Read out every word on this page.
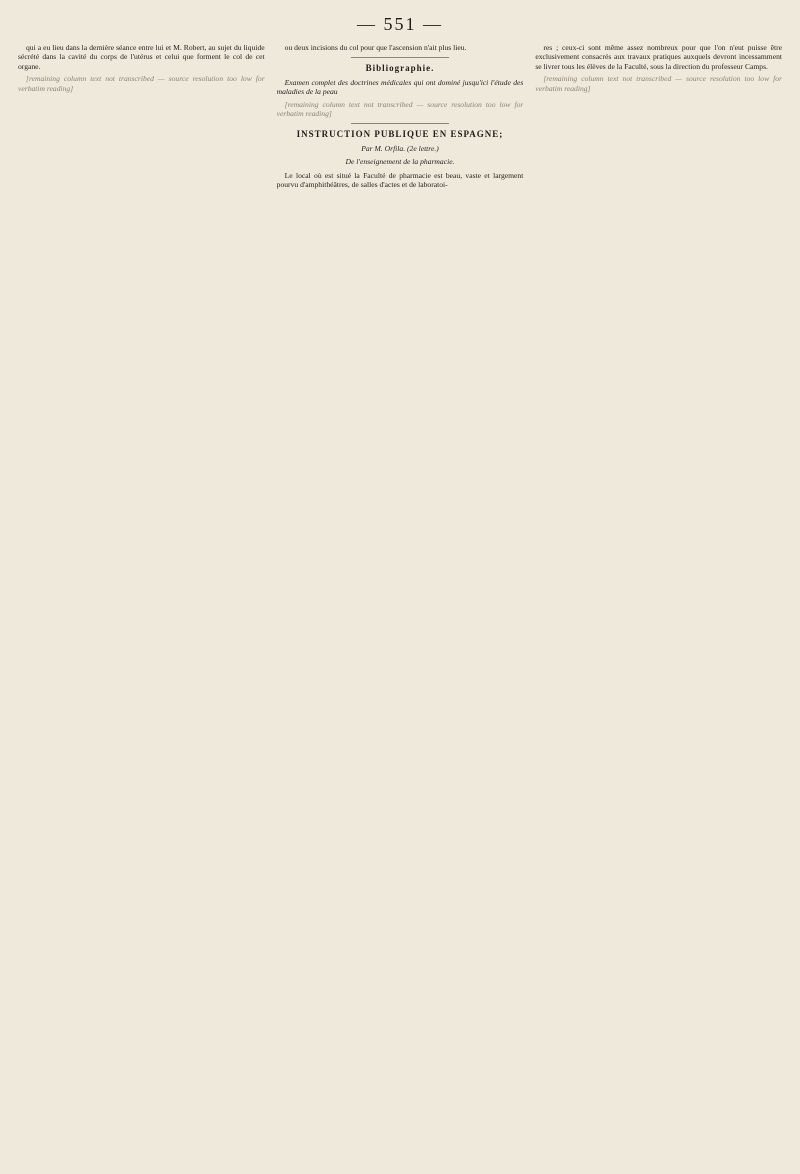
— 551 —

qui a eu lieu dans la dernière séance entre lui et M. Robert, au sujet du liquide sécrété dans la cavité du corps de l'utérus et celui que forment le col de cet organe.

[remaining column text not transcribed — source resolution too low for verbatim reading]

ou deux incisions du col pour que l'ascension n'ait plus lieu.

Bibliographie.

Examen complet des doctrines médicales qui ont dominé jusqu'ici l'étude des maladies de la peau

[remaining column text not transcribed — source resolution too low for verbatim reading]

INSTRUCTION PUBLIQUE EN ESPAGNE;
Par M. Orfila. (2e lettre.)
De l'enseignement de la pharmacie.

Le local où est situé la Faculté de pharmacie est beau, vaste et largement pourvu d'amphithéâtres, de salles d'actes et de laboratoi-

res ; ceux-ci sont même assez nombreux pour que l'on n'eut puisse être exclusivement consacrés aux travaux pratiques auxquels devront incessamment se livrer tous les élèves de la Faculté, sous la direction du professeur Camps.

[remaining column text not transcribed — source resolution too low for verbatim reading]
